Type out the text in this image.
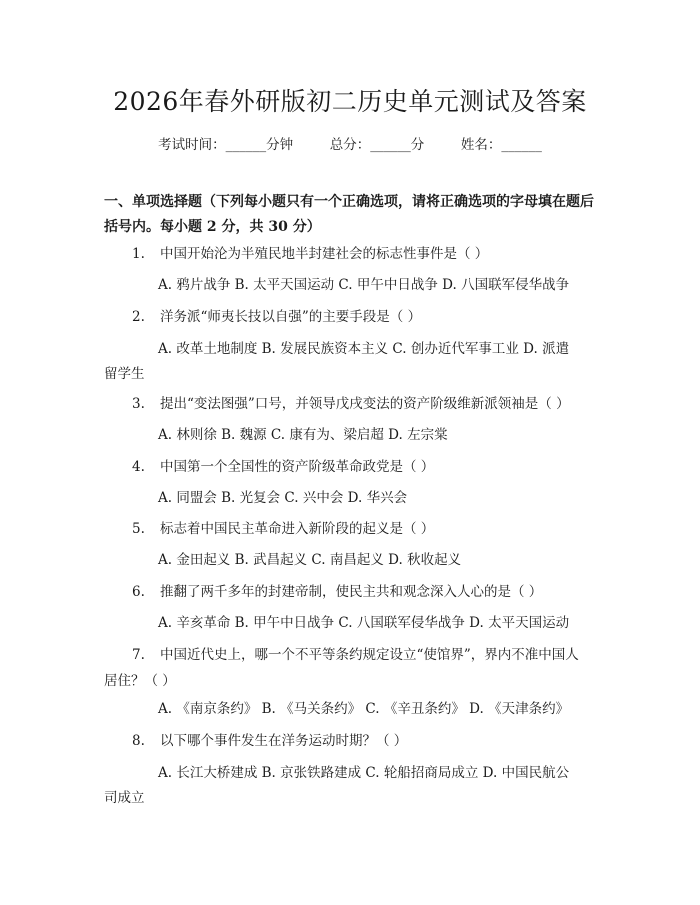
2026年春外研版初二历史单元测试及答案
考试时间：______分钟	总分：______分	姓名：______
一、单项选择题（下列每小题只有一个正确选项，请将正确选项的字母填在题后括号内。每小题 2 分，共 30 分）
1. 中国开始沦为半殖民地半封建社会的标志性事件是（ ）
A. 鸦片战争 B. 太平天国运动 C. 甲午中日战争 D. 八国联军侵华战争
2. 洋务派“师夷长技以自强”的主要手段是（ ）
A. 改革土地制度 B. 发展民族资本主义 C. 创办近代军事工业 D. 派遣
留学生
3. 提出“变法图强”口号，并领导戊戌变法的资产阶级维新派领袖是（ ）
A. 林则徐 B. 魏源 C. 康有为、梁启超 D. 左宗棠
4. 中国第一个全国性的资产阶级革命政党是（ ）
A. 同盟会 B. 光复会 C. 兴中会 D. 华兴会
5. 标志着中国民主革命进入新阶段的起义是（ ）
A. 金田起义 B. 武昌起义 C. 南昌起义 D. 秋收起义
6. 推翻了两千多年的封建帝制，使民主共和观念深入人心的是（ ）
A. 辛亥革命 B. 甲午中日战争 C. 八国联军侵华战争 D. 太平天国运动
7. 中国近代史上，哪一个不平等条约规定设立“使馆界”，界内不准中国人
居住？（ ）
A. 《南京条约》 B. 《马关条约》 C. 《辛丑条约》 D. 《天津条约》
8. 以下哪个事件发生在洋务运动时期？（ ）
A. 长江大桥建成 B. 京张铁路建成 C. 轮船招商局成立 D. 中国民航公
司成立
